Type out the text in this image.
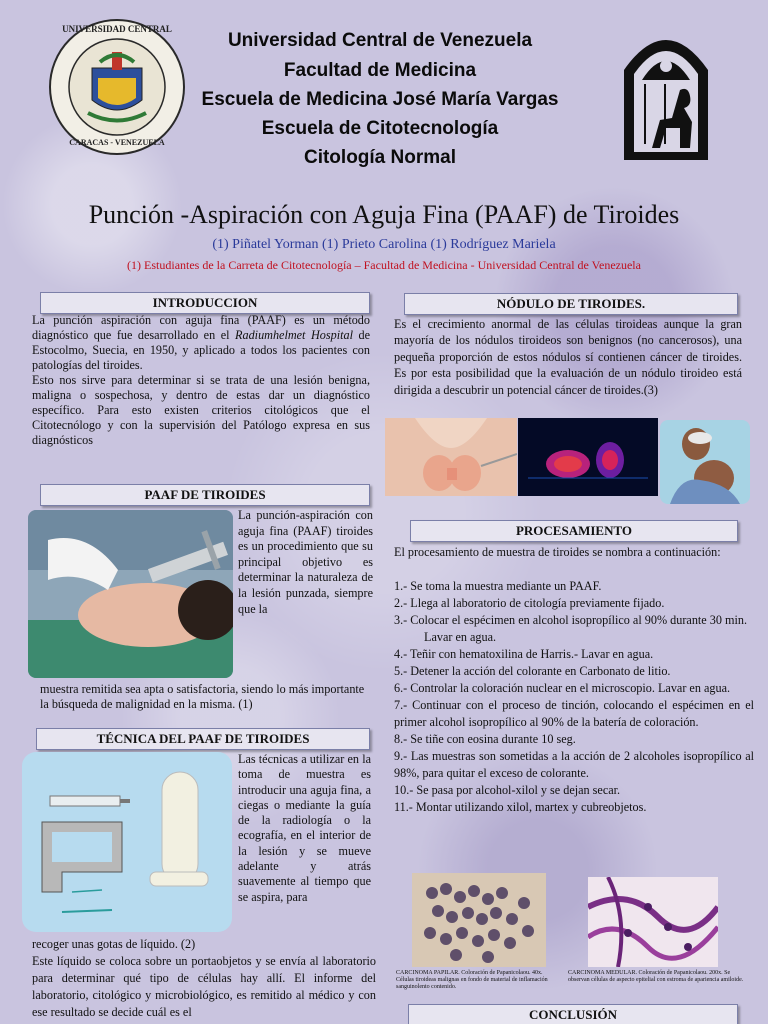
UNIVERSIDAD CENTRAL
CARACAS - VENEZUELA
Universidad Central de Venezuela
Facultad de Medicina
Escuela de Medicina José María Vargas
Escuela de Citotecnología
Citología Normal
Punción -Aspiración con Aguja Fina (PAAF) de Tiroides
(1) Piñatel Yorman (1) Prieto Carolina (1) Rodríguez Mariela
(1) Estudiantes de la Carreta de Citotecnología – Facultad de Medicina - Universidad Central de Venezuela
INTRODUCCION
La punción aspiración con aguja fina (PAAF) es un método diagnóstico que fue desarrollado en el Radiumhelmet Hospital de Estocolmo, Suecia, en 1950, y aplicado a todos los pacientes con patologías del tiroides.
Esto nos sirve para determinar si se trata de una lesión benigna, maligna o sospechosa, y dentro de estas dar un diagnóstico específico. Para esto existen criterios citológicos que el Citotecnólogo y con la supervisión del Patólogo expresa en sus diagnósticos
PAAF DE TIROIDES
La punción-aspiración con aguja fina (PAAF) tiroides es un procedimiento que su principal objetivo es determinar la naturaleza de la lesión punzada, siempre que la
muestra remitida sea apta o satisfactoria, siendo lo más importante la búsqueda de malignidad en la misma. (1)
TÉCNICA DEL PAAF DE TIROIDES
Las técnicas a utilizar en la toma de muestra es introducir una aguja fina, a ciegas o mediante la guía de la radiología o la ecografía, en el interior de la lesión y se mueve adelante y atrás suavemente al tiempo que se aspira, para
recoger unas gotas de líquido. (2)
Este líquido se coloca sobre un portaobjetos y se envía al laboratorio para determinar qué tipo de células hay allí. El informe del laboratorio, citológico y microbiológico, es remitido al médico y con ese resultado se decide cuál es el
NÓDULO DE TIROIDES.
Es el crecimiento anormal de las células tiroideas aunque la gran mayoría de los nódulos tiroideos son benignos (no cancerosos), una pequeña proporción de estos nódulos sí contienen cáncer de tiroides. Es por esta posibilidad que la evaluación de un nódulo tiroideo está dirigida a descubrir un potencial cáncer de tiroides.(3)
PROCESAMIENTO
El procesamiento de muestra de tiroides se nombra a continuación:
1.- Se toma la muestra mediante un PAAF.
2.- Llega al laboratorio de citología previamente fijado.
3.- Colocar el espécimen en alcohol isopropílico al 90% durante 30 min.
Lavar en agua.
4.- Teñir con hematoxilina de Harris.- Lavar en agua.
5.- Detener la acción del colorante en Carbonato de litio.
6.- Controlar la coloración nuclear en el microscopio. Lavar en agua.
7.- Continuar con el proceso de tinción, colocando el espécimen en el primer alcohol isopropílico al 90% de la batería de coloración.
8.- Se tiñe con eosina durante 10 seg.
9.- Las muestras son sometidas a la acción de 2 alcoholes isopropílico al 98%, para quitar el exceso de colorante.
10.- Se pasa por alcohol-xilol y se dejan secar.
11.- Montar utilizando xilol, martex y cubreobjetos.
CARCINOMA PAPILAR. Coloración de Papanicolaou. 40x. Células tiroideas malignas en fondo de material de inflamación sanguinolento contenido.
CARCINOMA MEDULAR. Coloración de Papanicolaou. 200x. Se observan células de aspecto epitelial con estroma de apariencia amiloide.
CONCLUSIÓN
